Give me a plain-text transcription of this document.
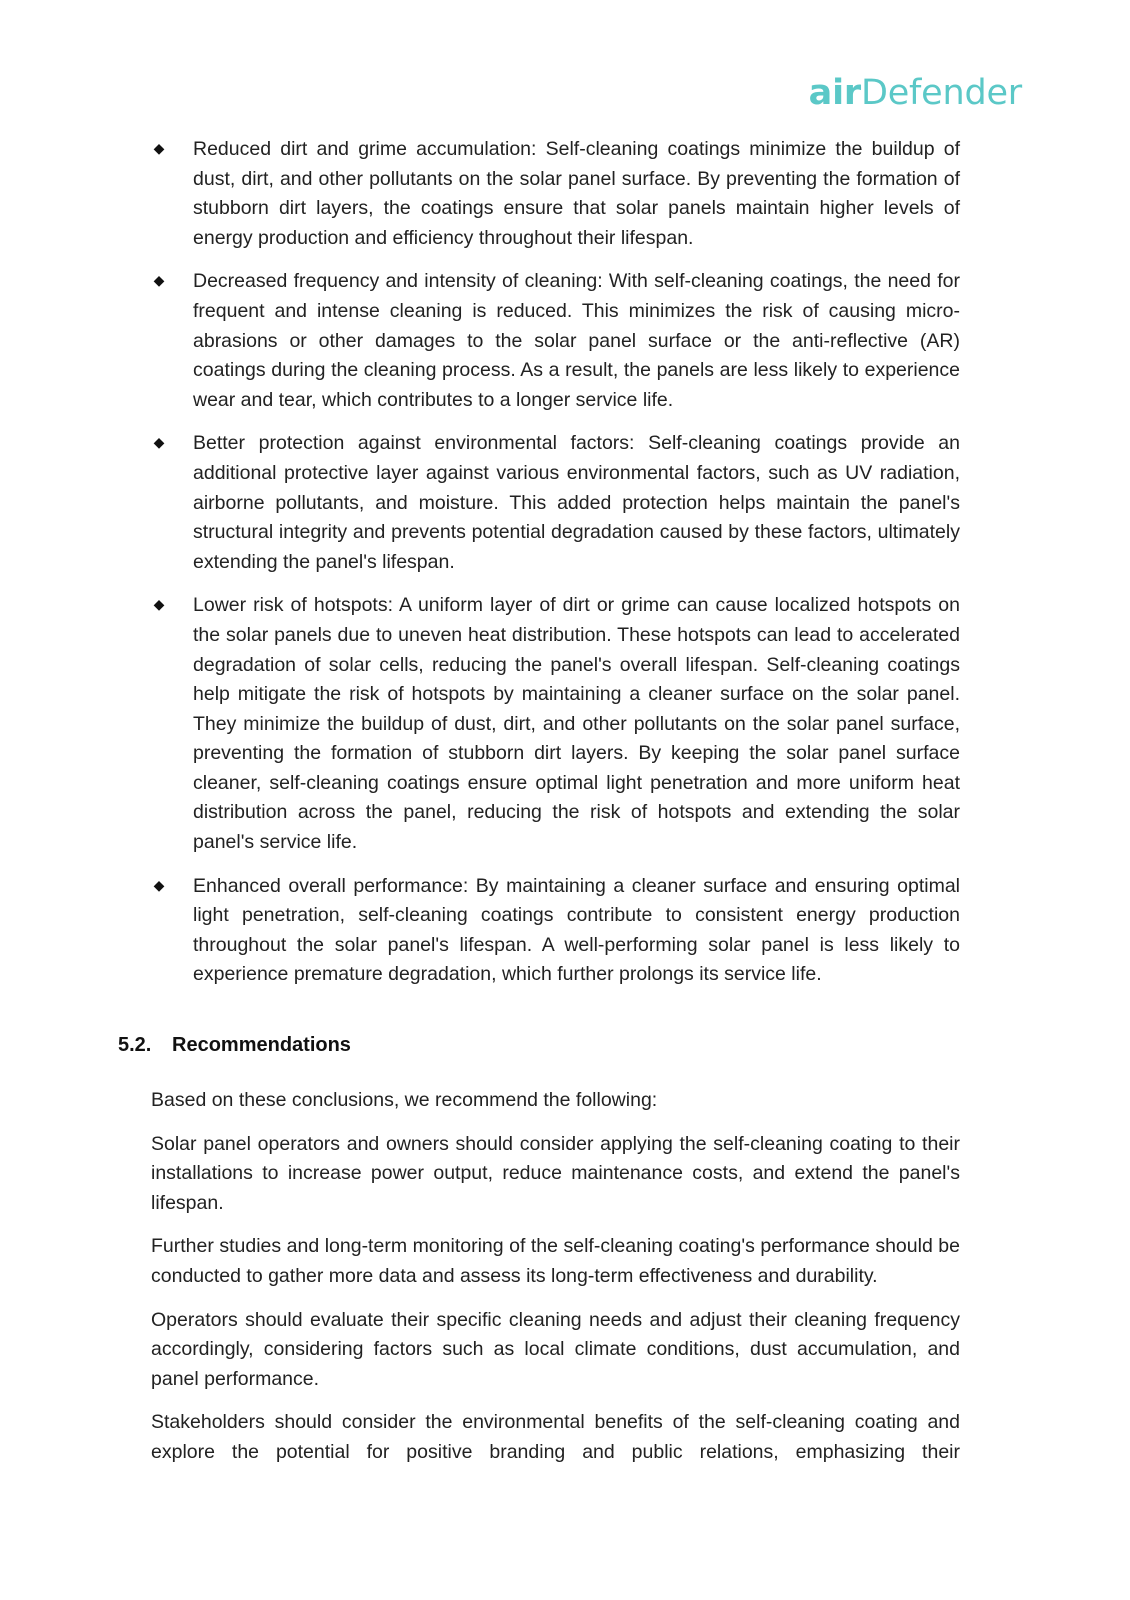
airDefender
◆ Reduced dirt and grime accumulation: Self-cleaning coatings minimize the buildup of dust, dirt, and other pollutants on the solar panel surface. By preventing the formation of stubborn dirt layers, the coatings ensure that solar panels maintain higher levels of energy production and efficiency throughout their lifespan.
◆ Decreased frequency and intensity of cleaning: With self-cleaning coatings, the need for frequent and intense cleaning is reduced. This minimizes the risk of causing micro-abrasions or other damages to the solar panel surface or the anti-reflective (AR) coatings during the cleaning process. As a result, the panels are less likely to experience wear and tear, which contributes to a longer service life.
◆ Better protection against environmental factors: Self-cleaning coatings provide an additional protective layer against various environmental factors, such as UV radiation, airborne pollutants, and moisture. This added protection helps maintain the panel's structural integrity and prevents potential degradation caused by these factors, ultimately extending the panel's lifespan.
◆ Lower risk of hotspots: A uniform layer of dirt or grime can cause localized hotspots on the solar panels due to uneven heat distribution. These hotspots can lead to accelerated degradation of solar cells, reducing the panel's overall lifespan. Self-cleaning coatings help mitigate the risk of hotspots by maintaining a cleaner surface on the solar panel. They minimize the buildup of dust, dirt, and other pollutants on the solar panel surface, preventing the formation of stubborn dirt layers. By keeping the solar panel surface cleaner, self-cleaning coatings ensure optimal light penetration and more uniform heat distribution across the panel, reducing the risk of hotspots and extending the solar panel's service life.
◆ Enhanced overall performance: By maintaining a cleaner surface and ensuring optimal light penetration, self-cleaning coatings contribute to consistent energy production throughout the solar panel's lifespan. A well-performing solar panel is less likely to experience premature degradation, which further prolongs its service life.
5.2. Recommendations

Based on these conclusions, we recommend the following:

Solar panel operators and owners should consider applying the self-cleaning coating to their installations to increase power output, reduce maintenance costs, and extend the panel's lifespan.

Further studies and long-term monitoring of the self-cleaning coating's performance should be conducted to gather more data and assess its long-term effectiveness and durability.

Operators should evaluate their specific cleaning needs and adjust their cleaning frequency accordingly, considering factors such as local climate conditions, dust accumulation, and panel performance.

Stakeholders should consider the environmental benefits of the self-cleaning coating and explore the potential for positive branding and public relations, emphasizing their
